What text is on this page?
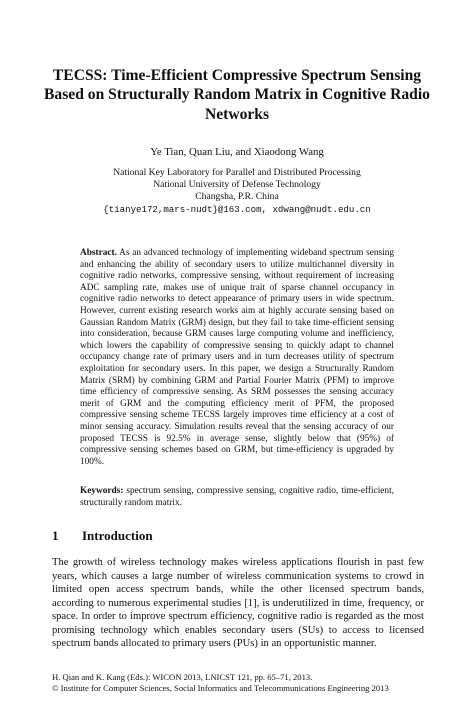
TECSS: Time-Efficient Compressive Spectrum Sensing Based on Structurally Random Matrix in Cognitive Radio Networks
Ye Tian, Quan Liu, and Xiaodong Wang
National Key Laboratory for Parallel and Distributed Processing
National University of Defense Technology
Changsha, P.R. China
{tianye172,mars-nudt}@163.com, xdwang@nudt.edu.cn
Abstract. As an advanced technology of implementing wideband spectrum sensing and enhancing the ability of secondary users to utilize multichannel diversity in cognitive radio networks, compressive sensing, without requirement of increasing ADC sampling rate, makes use of unique trait of sparse channel occupancy in cognitive radio networks to detect appearance of primary users in wide spectrum. However, current existing research works aim at highly accurate sensing based on Gaussian Random Matrix (GRM) design, but they fail to take time-efficient sensing into consideration, because GRM causes large computing volume and inefficiency, which lowers the capability of compressive sensing to quickly adapt to channel occupancy change rate of primary users and in turn decreases utility of spectrum exploitation for secondary users. In this paper, we design a Structurally Random Matrix (SRM) by combining GRM and Partial Fourier Matrix (PFM) to improve time efficiency of compressive sensing. As SRM possesses the sensing accuracy merit of GRM and the computing efficiency merit of PFM, the proposed compressive sensing scheme TECSS largely improves time efficiency at a cost of minor sensing accuracy. Simulation results reveal that the sensing accuracy of our proposed TECSS is 92.5% in average sense, slightly below that (95%) of compressive sensing schemes based on GRM, but time-efficiency is upgraded by 100%.
Keywords: spectrum sensing, compressive sensing, cognitive radio, time-efficient, structurally random matrix.
1 Introduction
The growth of wireless technology makes wireless applications flourish in past few years, which causes a large number of wireless communication systems to crowd in limited open access spectrum bands, while the other licensed spectrum bands, according to numerous experimental studies [1], is underutilized in time, frequency, or space. In order to improve spectrum efficiency, cognitive radio is regarded as the most promising technology which enables secondary users (SUs) to access to licensed spectrum bands allocated to primary users (PUs) in an opportunistic manner.
H. Qian and K. Kang (Eds.): WICON 2013, LNICST 121, pp. 65–71, 2013.
© Institute for Computer Sciences, Social Informatics and Telecommunications Engineering 2013
